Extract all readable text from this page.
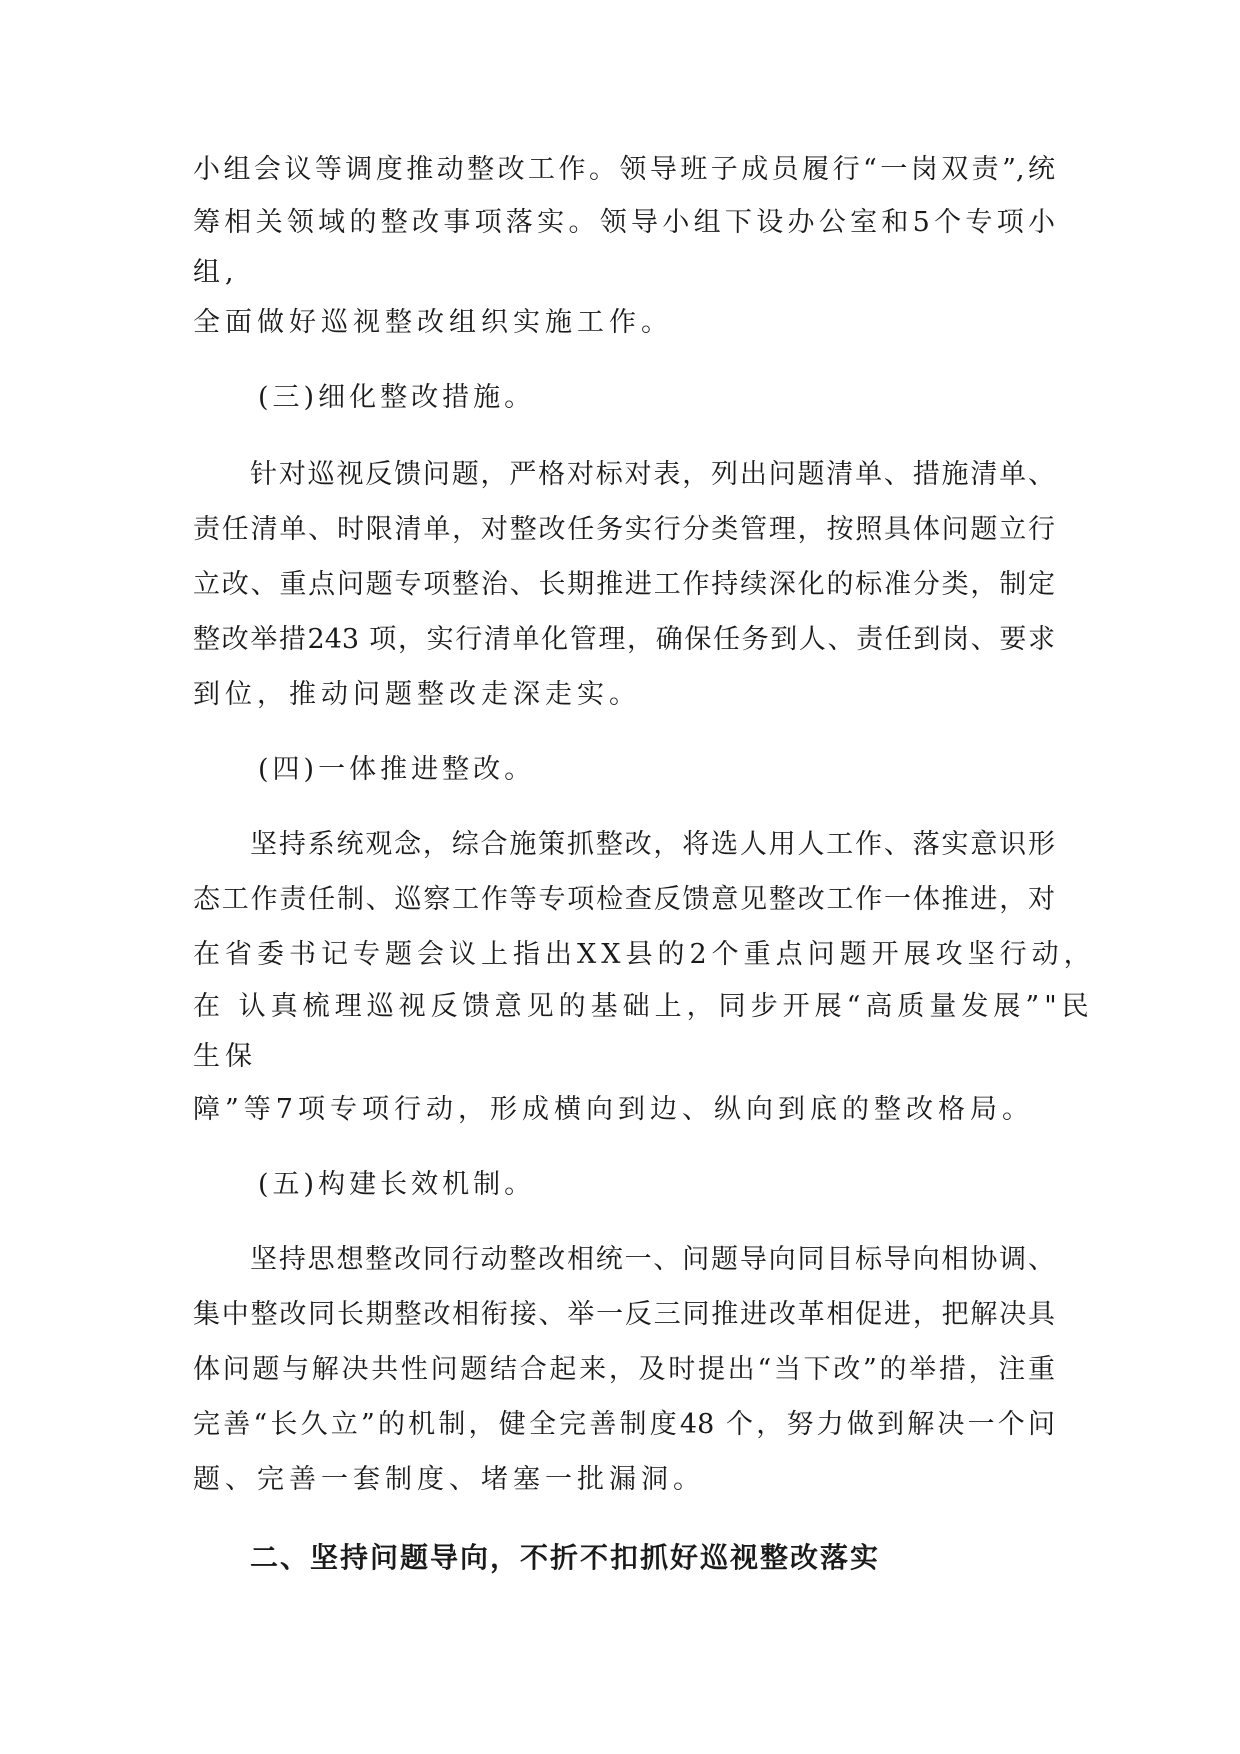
小组会议等调度推动整改工作。领导班子成员履行“一岗双责”,统
筹相关领域的整改事项落实。领导小组下设办公室和5个专项小
组,
全面做好巡视整改组织实施工作。
(三)细化整改措施。
针对巡视反馈问题，严格对标对表，列出问题清单、措施清单、
责任清单、时限清单，对整改任务实行分类管理，按照具体问题立行
立改、重点问题专项整治、长期推进工作持续深化的标准分类，制定
整改举措243 项，实行清单化管理，确保任务到人、责任到岗、要求
到位，推动问题整改走深走实。
(四)一体推进整改。
坚持系统观念，综合施策抓整改，将选人用人工作、落实意识形
态工作责任制、巡察工作等专项检查反馈意见整改工作一体推进，对
在省委书记专题会议上指出XX县的2个重点问题开展攻坚行动，
在 认真梳理巡视反馈意见的基础上，同步开展“高质量发展”"民
生保
障”等7项专项行动，形成横向到边、纵向到底的整改格局。
(五)构建长效机制。
坚持思想整改同行动整改相统一、问题导向同目标导向相协调、
集中整改同长期整改相衔接、举一反三同推进改革相促进，把解决具
体问题与解决共性问题结合起来，及时提出“当下改”的举措，注重
完善“长久立”的机制，健全完善制度48 个，努力做到解决一个问
题、完善一套制度、堵塞一批漏洞。
二、坚持问题导向，不折不扣抓好巡视整改落实
